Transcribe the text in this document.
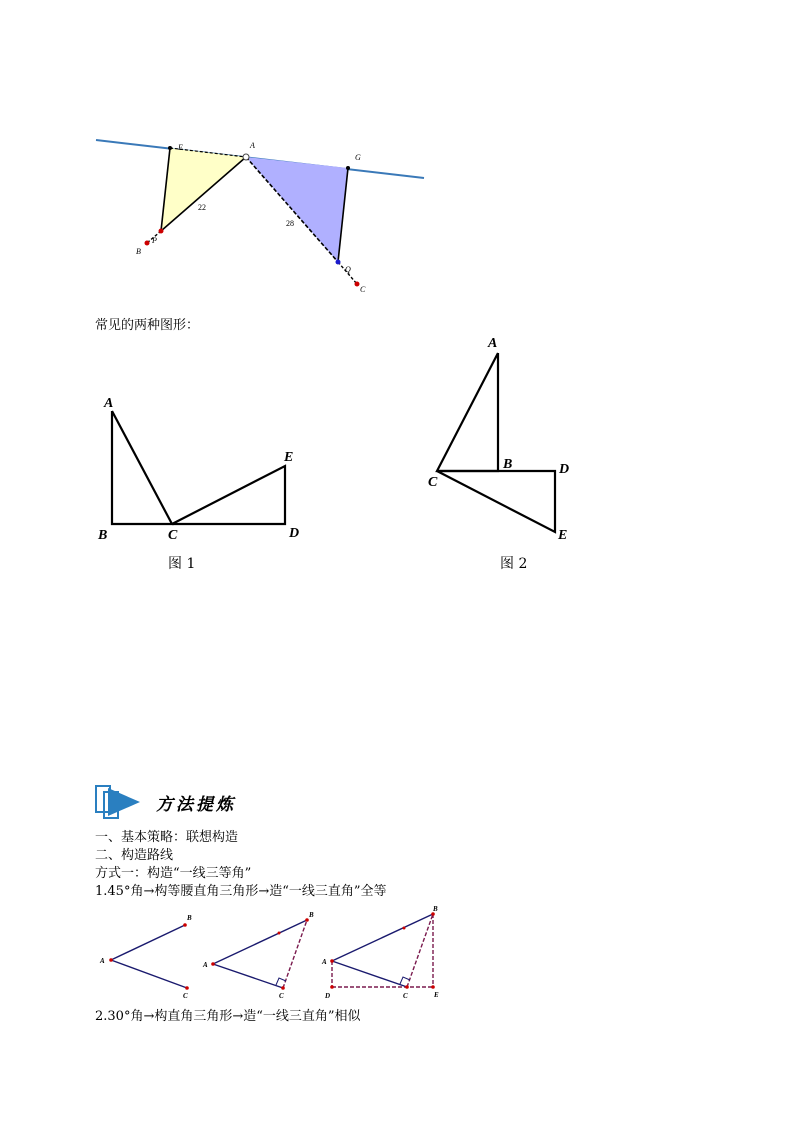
E	A
G
P
B
Q
C
22
28
常见的两种图形：
A
B	C	D
E
图 1
A
B
C
D
E
图 2
方法提炼
一、基本策略：联想构造
二、构造路线
方式一：构造“一线三等角”
1.45°角→构等腰直角三角形→造“一线三直角”全等
A
B
C
A
B
C
A
B
C
D	E
2.30°角→构直角三角形→造“一线三直角”相似
